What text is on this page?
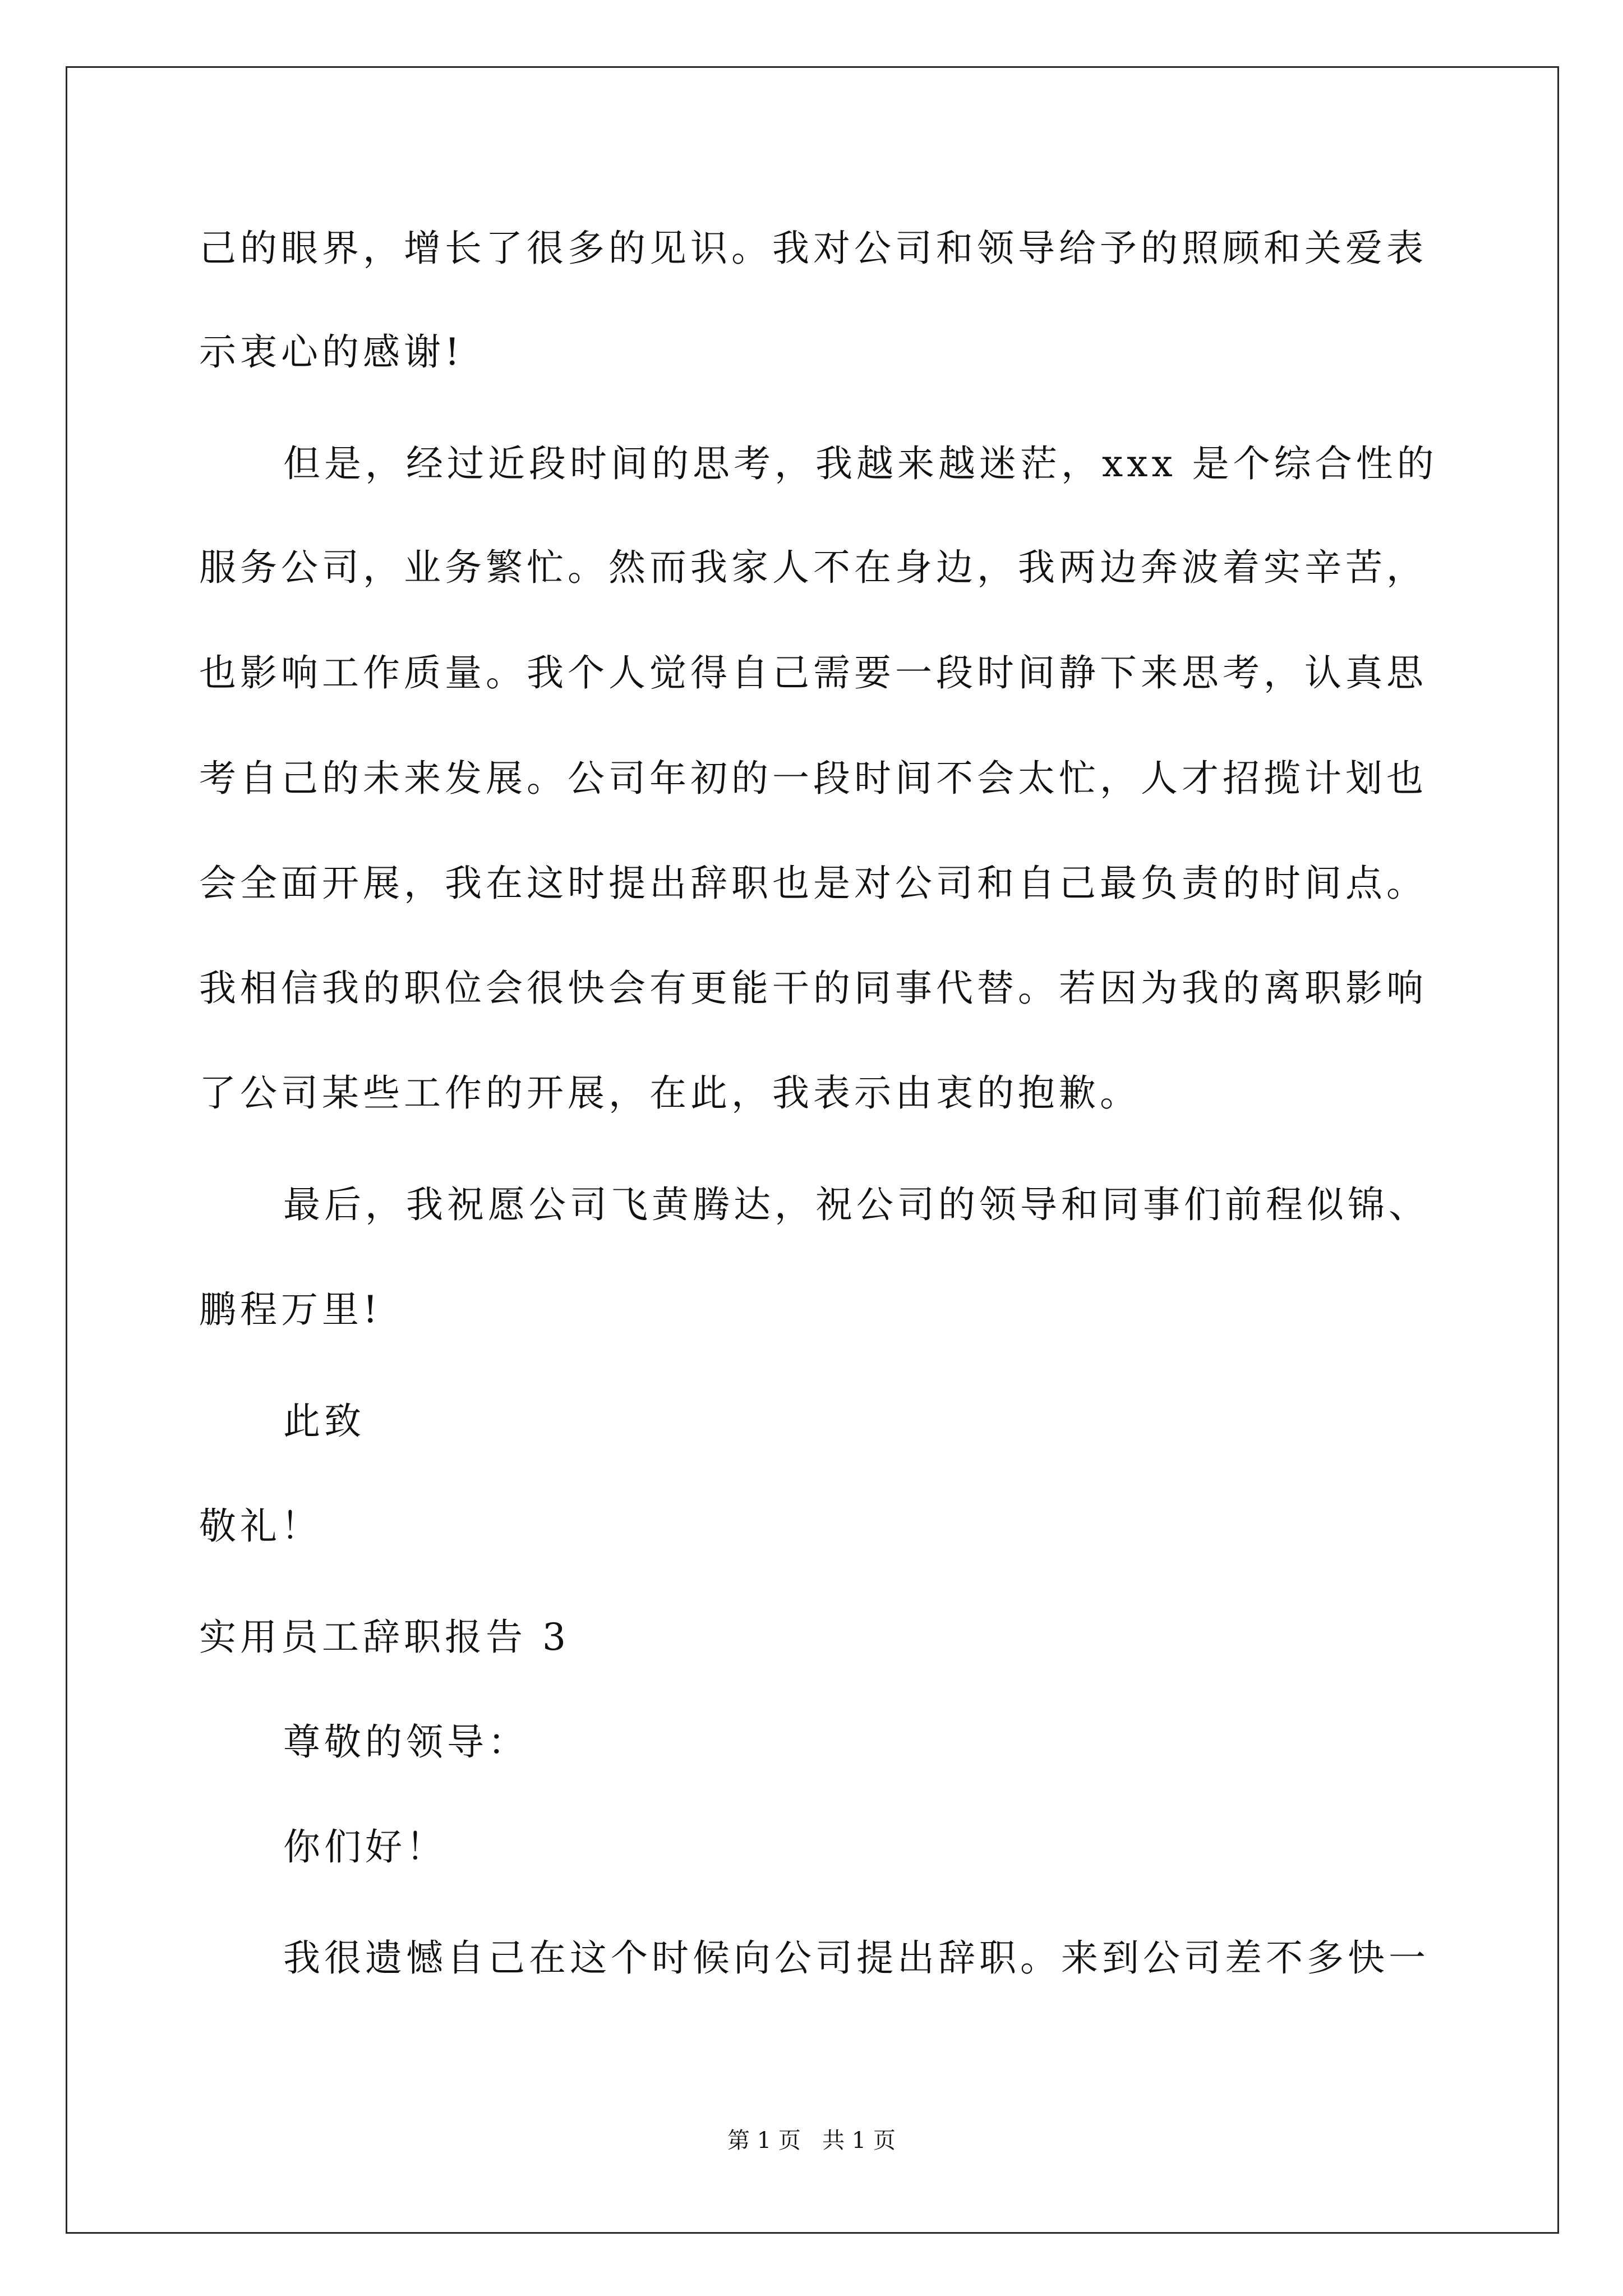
己的眼界，增长了很多的见识。我对公司和领导给予的照顾和关爱表
示衷心的感谢!
但是，经过近段时间的思考，我越来越迷茫，xxx 是个综合性的
服务公司，业务繁忙。然而我家人不在身边，我两边奔波着实辛苦，
也影响工作质量。我个人觉得自己需要一段时间静下来思考，认真思
考自己的未来发展。公司年初的一段时间不会太忙，人才招揽计划也
会全面开展，我在这时提出辞职也是对公司和自己最负责的时间点。
我相信我的职位会很快会有更能干的同事代替。若因为我的离职影响
了公司某些工作的开展，在此，我表示由衷的抱歉。
最后，我祝愿公司飞黄腾达，祝公司的领导和同事们前程似锦、
鹏程万里!
此致
敬礼！
实用员工辞职报告 3
尊敬的领导：
你们好！
我很遗憾自己在这个时候向公司提出辞职。来到公司差不多快一
第 1 页   共 1 页
